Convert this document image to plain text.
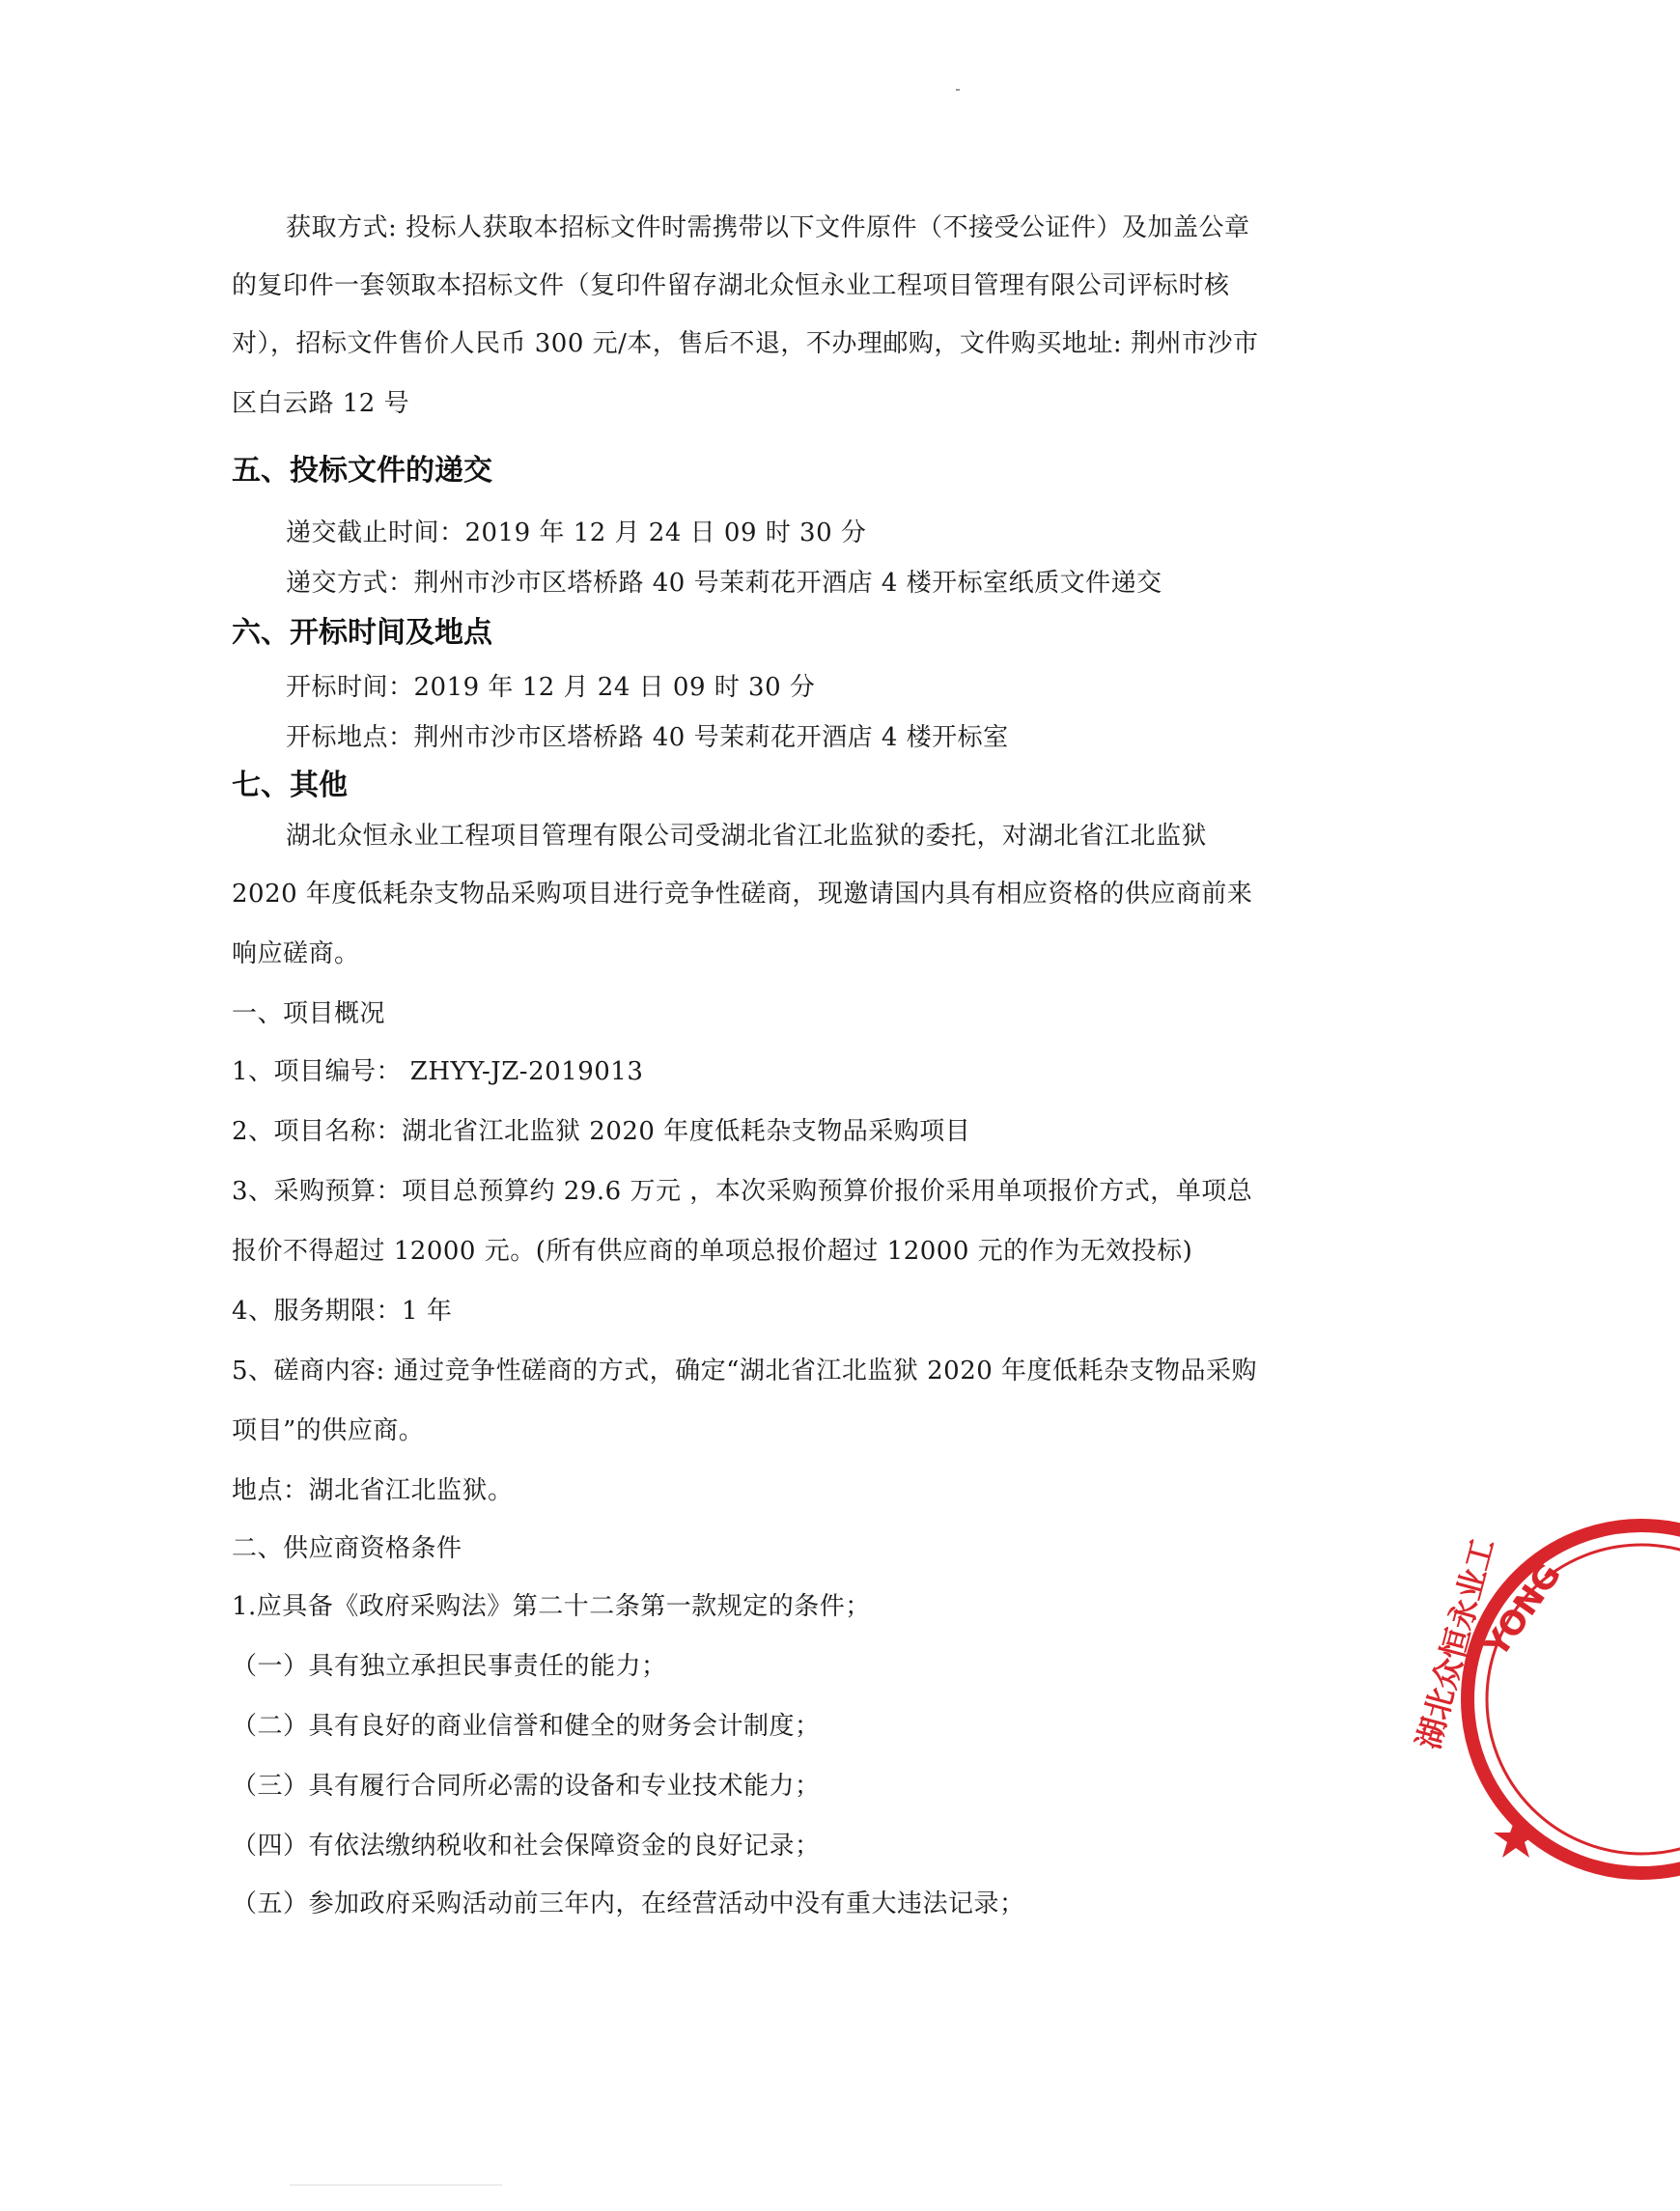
获取方式: 投标人获取本招标文件时需携带以下文件原件（不接受公证件）及加盖公章
的复印件一套领取本招标文件（复印件留存湖北众恒永业工程项目管理有限公司评标时核
对），招标文件售价人民币 300 元/本，售后不退，不办理邮购，文件购买地址: 荆州市沙市
区白云路 12 号
五、投标文件的递交
递交截止时间：2019 年 12 月 24 日 09 时 30 分
递交方式：荆州市沙市区塔桥路 40 号茉莉花开酒店 4 楼开标室纸质文件递交
六、开标时间及地点
开标时间：2019 年 12 月 24 日 09 时 30 分
开标地点：荆州市沙市区塔桥路 40 号茉莉花开酒店 4 楼开标室
七、其他
湖北众恒永业工程项目管理有限公司受湖北省江北监狱的委托，对湖北省江北监狱
2020 年度低耗杂支物品采购项目进行竞争性磋商，现邀请国内具有相应资格的供应商前来
响应磋商。
一、项目概况
1、项目编号： ZHYY-JZ-2019013
2、项目名称：湖北省江北监狱 2020 年度低耗杂支物品采购项目
3、采购预算：项目总预算约 29.6 万元 ，本次采购预算价报价采用单项报价方式，单项总
报价不得超过 12000 元。(所有供应商的单项总报价超过 12000 元的作为无效投标)
4、服务期限：1 年
5、磋商内容: 通过竞争性磋商的方式，确定“湖北省江北监狱 2020 年度低耗杂支物品采购
项目”的供应商。
地点：湖北省江北监狱。
二、供应商资格条件
1.应具备《政府采购法》第二十二条第一款规定的条件；
（一）具有独立承担民事责任的能力；
（二）具有良好的商业信誉和健全的财务会计制度；
（三）具有履行合同所必需的设备和专业技术能力；
（四）有依法缴纳税收和社会保障资金的良好记录；
（五）参加政府采购活动前三年内，在经营活动中没有重大违法记录；
YONG
湖北众恒永业工
